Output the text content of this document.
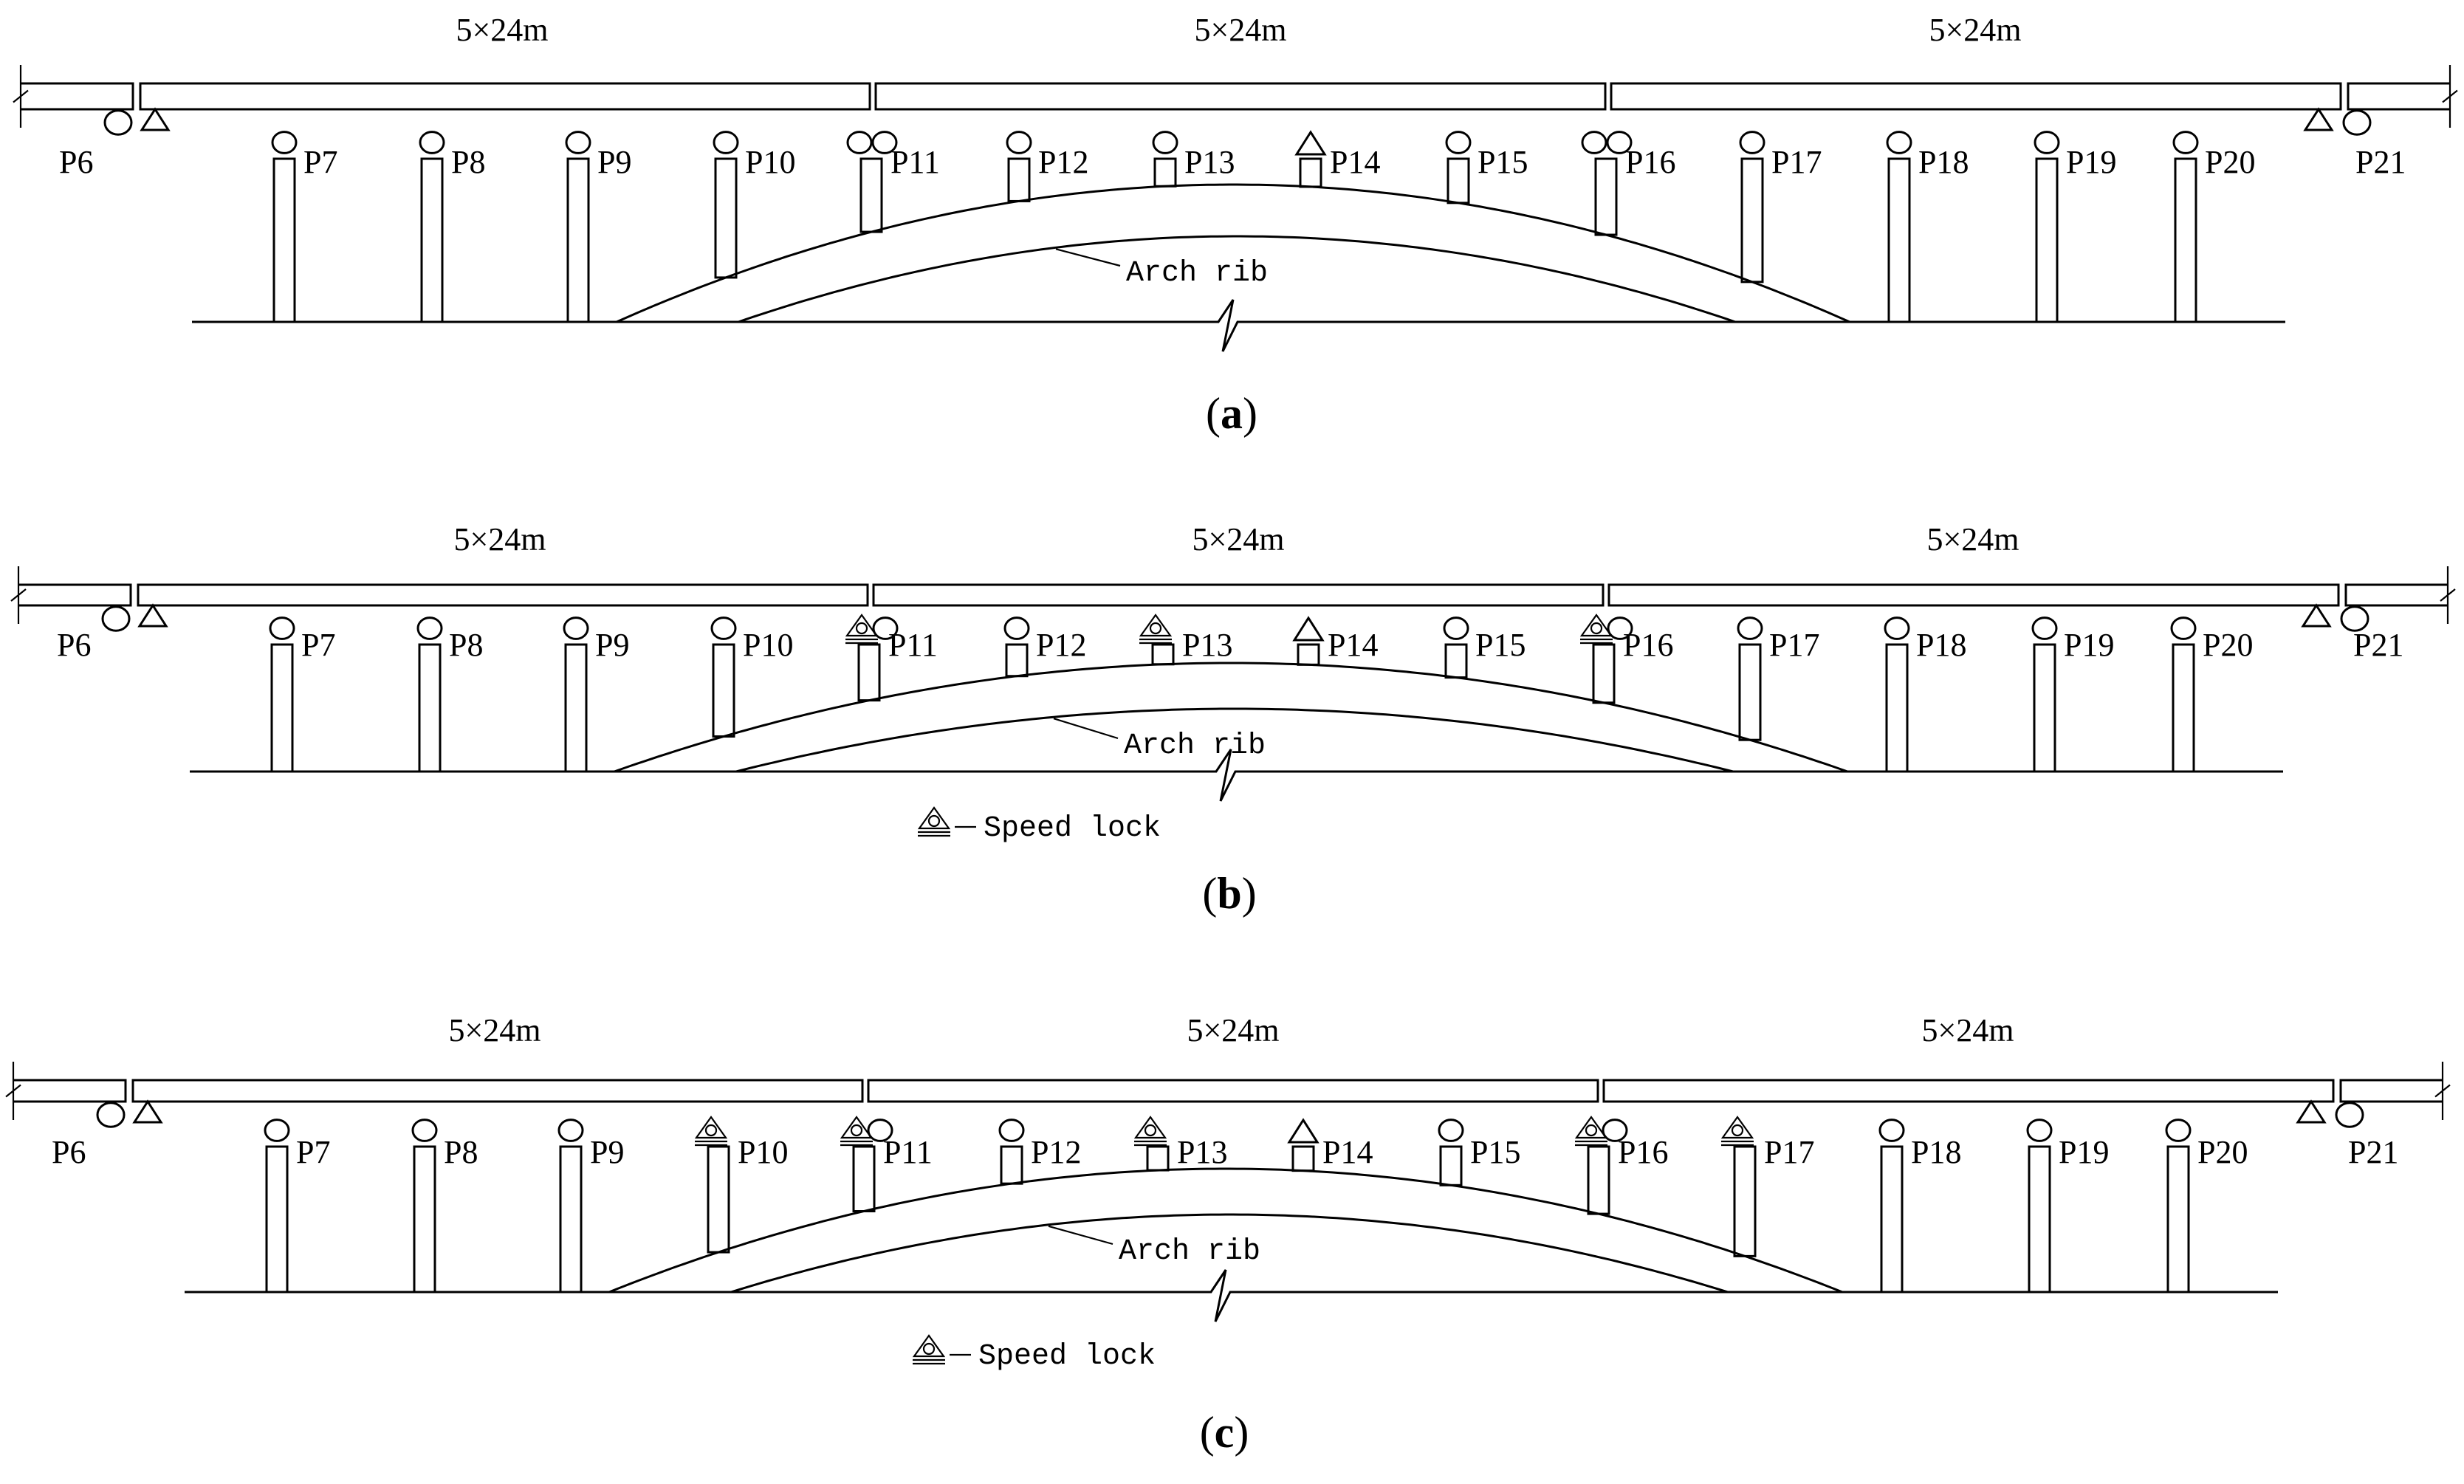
5×24m	5×24m	5×24m
P6	P21
P7	P8	P9	P10	P11	P12	P13	P14	P15	P16	P17	P18	P19	P20
Arch rib
(a)
5×24m	5×24m	5×24m
P6	P21
P7	P8	P9	P10	P11	P12	P13	P14	P15	P16	P17	P18	P19	P20
Arch rib
Speed lock
(b)
5×24m	5×24m	5×24m
P6	P21
P7	P8	P9	P10	P11	P12	P13	P14	P15	P16	P17	P18	P19	P20
Arch rib
Speed lock
(c)
